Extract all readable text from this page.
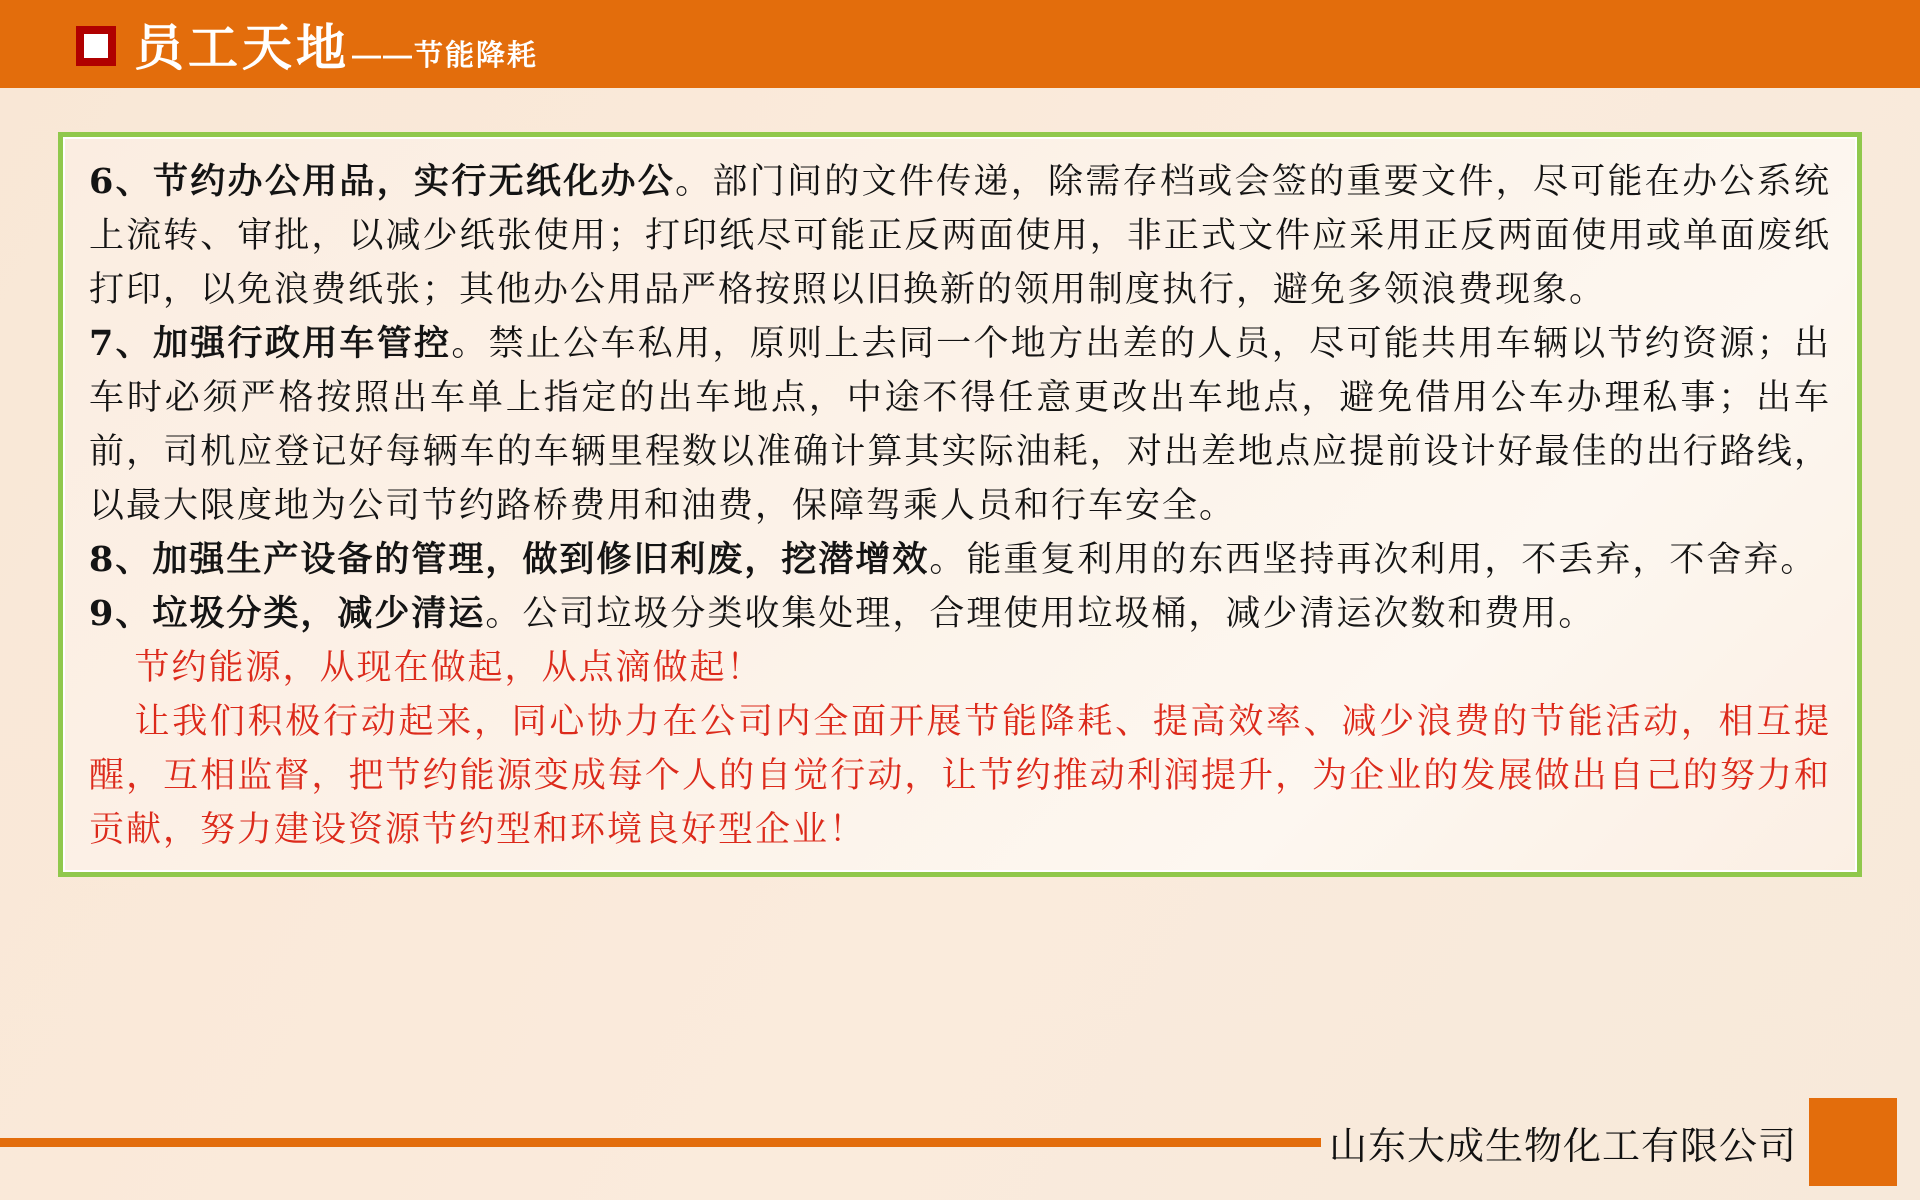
员工天地 ——节能降耗

6、节约办公用品，实行无纸化办公。部门间的文件传递，除需存档或会签的重要文件，尽可能在办公系统上流转、审批，以减少纸张使用；打印纸尽可能正反两面使用，非正式文件应采用正反两面使用或单面废纸打印，以免浪费纸张；其他办公用品严格按照以旧换新的领用制度执行，避免多领浪费现象。

7、加强行政用车管控。禁止公车私用，原则上去同一个地方出差的人员，尽可能共用车辆以节约资源；出车时必须严格按照出车单上指定的出车地点，中途不得任意更改出车地点，避免借用公车办理私事；出车前，司机应登记好每辆车的车辆里程数以准确计算其实际油耗，对出差地点应提前设计好最佳的出行路线，以最大限度地为公司节约路桥费用和油费，保障驾乘人员和行车安全。

8、加强生产设备的管理，做到修旧利废，挖潜增效。能重复利用的东西坚持再次利用，不丢弃，不舍弃。

9、垃圾分类，减少清运。公司垃圾分类收集处理，合理使用垃圾桶，减少清运次数和费用。

节约能源，从现在做起，从点滴做起！

让我们积极行动起来，同心协力在公司内全面开展节能降耗、提高效率、减少浪费的节能活动，相互提醒，互相监督，把节约能源变成每个人的自觉行动，让节约推动利润提升，为企业的发展做出自己的努力和贡献，努力建设资源节约型和环境良好型企业！

山东大成生物化工有限公司
